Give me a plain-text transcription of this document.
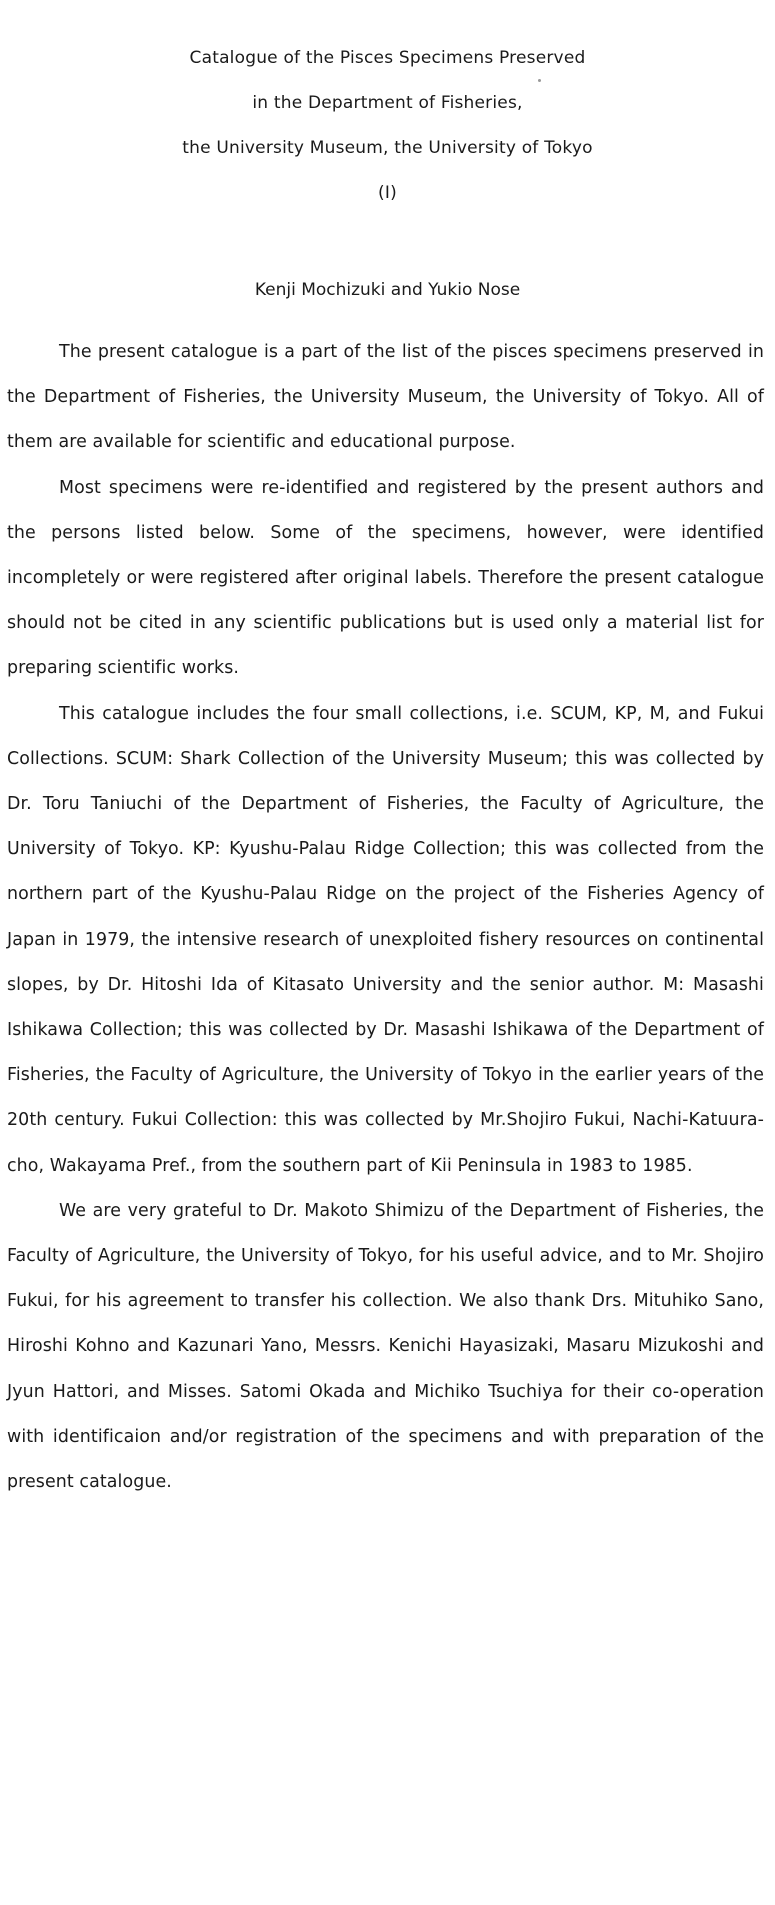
Catalogue of the Pisces Specimens Preserved
in the Department of Fisheries,
the University Museum, the University of Tokyo
(I)
Kenji Mochizuki and Yukio Nose

The present catalogue is a part of the list of the pisces specimens preserved in the Department of Fisheries, the University Museum, the University of Tokyo. All of them are available for scientific and educational purpose.

Most specimens were re-identified and registered by the present authors and the persons listed below. Some of the specimens, however, were identified incompletely or were registered after original labels. Therefore the present catalogue should not be cited in any scientific publications but is used only a material list for preparing scientific works.

This catalogue includes the four small collections, i.e. SCUM, KP, M, and Fukui Collections. SCUM: Shark Collection of the University Museum; this was collected by Dr. Toru Taniuchi of the Department of Fisheries, the Faculty of Agriculture, the University of Tokyo. KP: Kyushu-Palau Ridge Collection; this was collected from the northern part of the Kyushu-Palau Ridge on the project of the Fisheries Agency of Japan in 1979, the intensive research of unexploited fishery resources on continental slopes, by Dr. Hitoshi Ida of Kitasato University and the senior author. M: Masashi Ishikawa Collection; this was collected by Dr. Masashi Ishikawa of the Department of Fisheries, the Faculty of Agriculture, the University of Tokyo in the earlier years of the 20th century. Fukui Collection: this was collected by Mr.Shojiro Fukui, Nachi-Katuura-cho, Wakayama Pref., from the southern part of Kii Peninsula in 1983 to 1985.

We are very grateful to Dr. Makoto Shimizu of the Department of Fisheries, the Faculty of Agriculture, the University of Tokyo, for his useful advice, and to Mr. Shojiro Fukui, for his agreement to transfer his collection. We also thank Drs. Mituhiko Sano, Hiroshi Kohno and Kazunari Yano, Messrs. Kenichi Hayasizaki, Masaru Mizukoshi and Jyun Hattori, and Misses. Satomi Okada and Michiko Tsuchiya for their co-operation with identificaion and/or registration of the specimens and with preparation of the present catalogue.
